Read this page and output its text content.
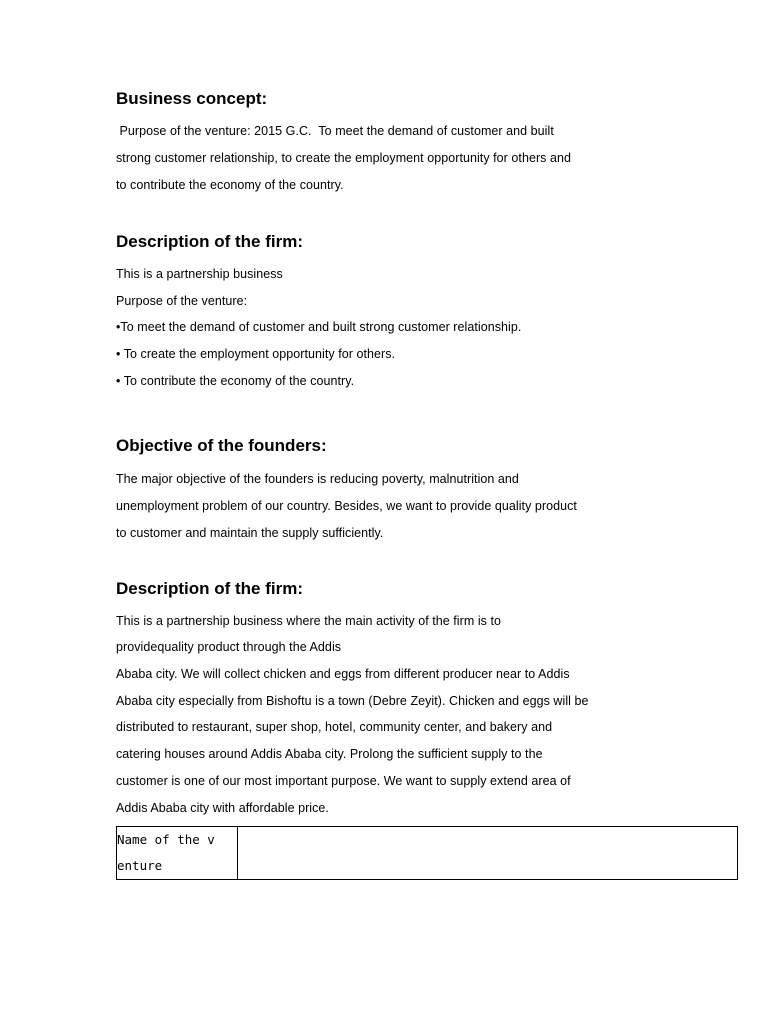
Business concept:
Purpose of the venture: 2015 G.C.  To meet the demand of customer and built
strong customer relationship, to create the employment opportunity for others and
to contribute the economy of the country.
Description of the firm:
This is a partnership business
Purpose of the venture:
•To meet the demand of customer and built strong customer relationship.
• To create the employment opportunity for others.
• To contribute the economy of the country.
Objective of the founders:
The major objective of the founders is reducing poverty, malnutrition and
unemployment problem of our country. Besides, we want to provide quality product
to customer and maintain the supply sufficiently.
Description of the firm:
This is a partnership business where the main activity of the firm is to
providequality product through the Addis
Ababa city. We will collect chicken and eggs from different producer near to Addis
Ababa city especially from Bishoftu is a town (Debre Zeyit). Chicken and eggs will be
distributed to restaurant, super shop, hotel, community center, and bakery and
catering houses around Addis Ababa city. Prolong the sufficient supply to the
customer is one of our most important purpose. We want to supply extend area of
Addis Ababa city with affordable price.
Name of the v
enture	
